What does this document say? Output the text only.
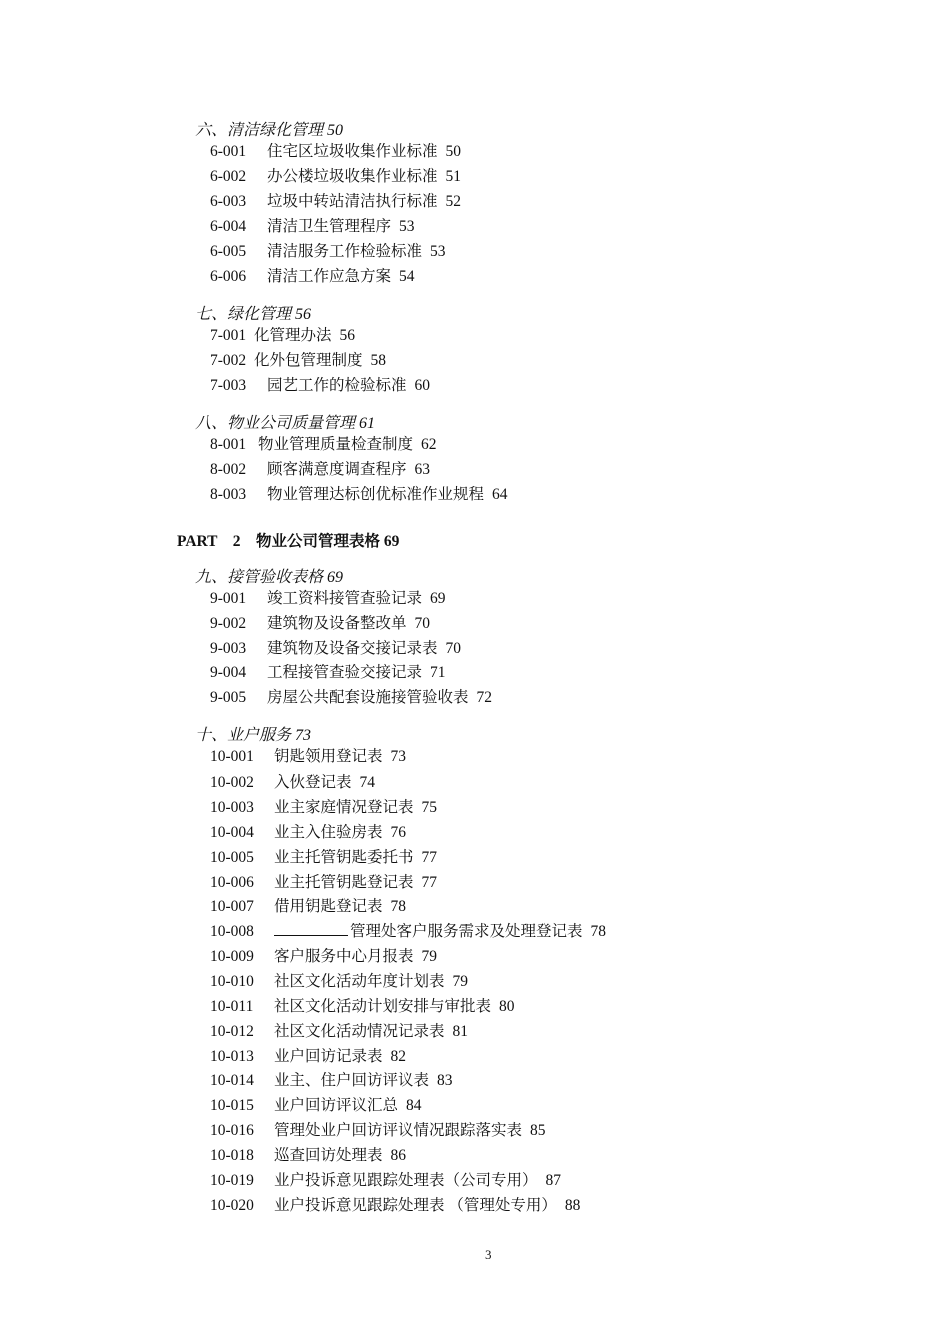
六、清洁绿化管理 50
6-001 住宅区垃圾收集作业标准 50
6-002 办公楼垃圾收集作业标准 51
6-003 垃圾中转站清洁执行标准 52
6-004 清洁卫生管理程序 53
6-005 清洁服务工作检验标准 53
6-006 清洁工作应急方案 54
七、绿化管理 56
7-001 化管理办法 56
7-002 化外包管理制度 58
7-003 园艺工作的检验标准 60
八、物业公司质量管理 61
8-001 物业管理质量检查制度 62
8-002 顾客满意度调查程序 63
8-003 物业管理达标创优标准作业规程 64
PART　2　物业公司管理表格 69
九、接管验收表格 69
9-001 竣工资料接管查验记录 69
9-002 建筑物及设备整改单 70
9-003 建筑物及设备交接记录表 70
9-004 工程接管查验交接记录 71
9-005 房屋公共配套设施接管验收表 72
十、业户服务 73
10-001 钥匙领用登记表 73
10-002 入伙登记表 74
10-003 业主家庭情况登记表 75
10-004 业主入住验房表 76
10-005 业主托管钥匙委托书 77
10-006 业主托管钥匙登记表 77
10-007 借用钥匙登记表 78
10-008	管理处客户服务需求及处理登记表 78
10-009 客户服务中心月报表 79
10-010 社区文化活动年度计划表 79
10-011 社区文化活动计划安排与审批表 80
10-012 社区文化活动情况记录表 81
10-013 业户回访记录表 82
10-014 业主、住户回访评议表 83
10-015 业户回访评议汇总 84
10-016 管理处业户回访评议情况跟踪落实表 85
10-018 巡查回访处理表 86
10-019 业户投诉意见跟踪处理表（公司专用） 87
10-020 业户投诉意见跟踪处理表 （管理处专用） 88
3
